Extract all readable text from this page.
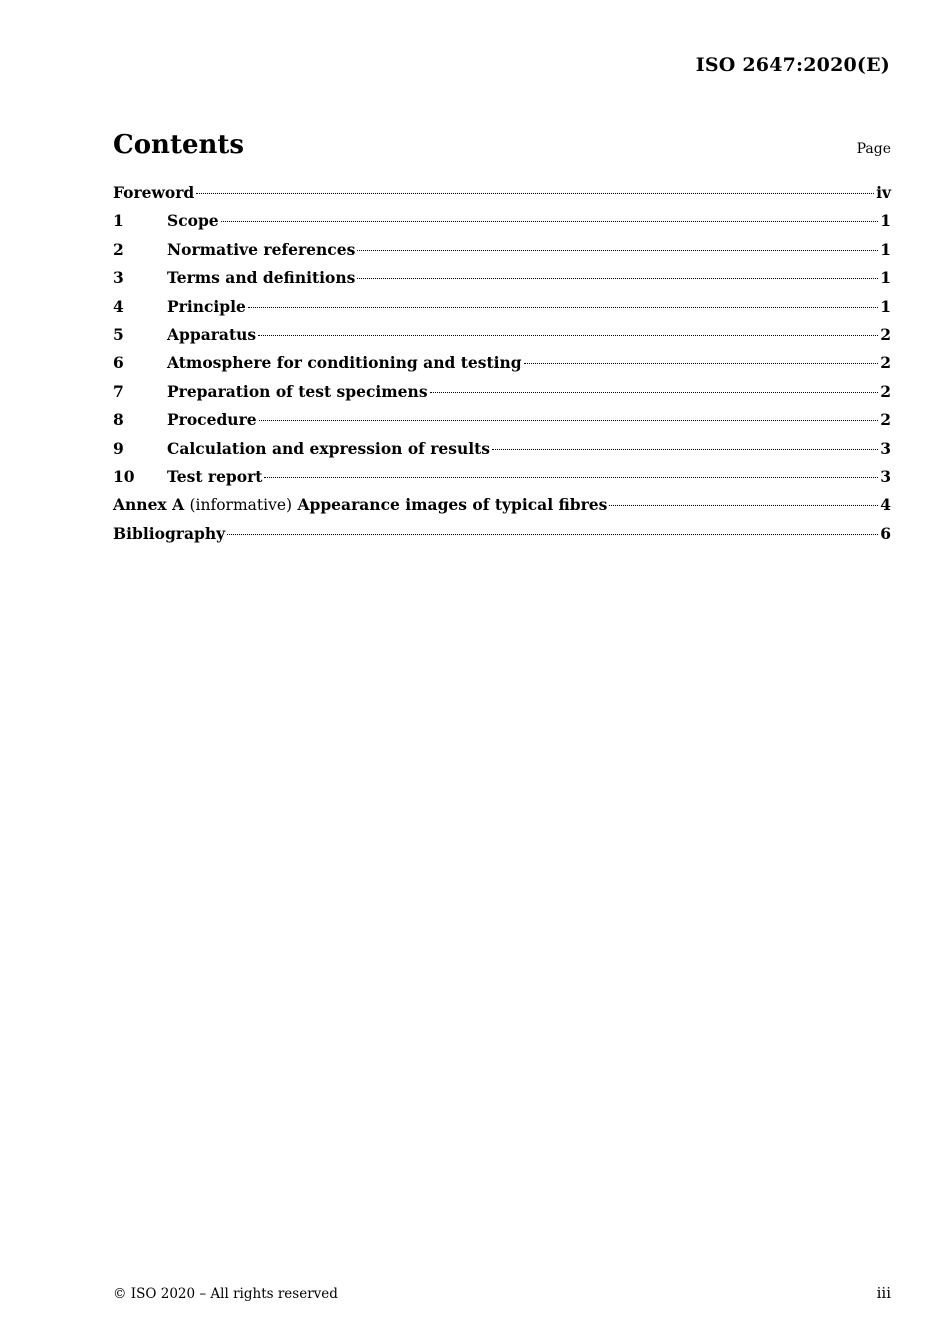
ISO 2647:2020(E)
Contents	Page
Foreword	iv
1	Scope	1
2	Normative references	1
3	Terms and definitions	1
4	Principle	1
5	Apparatus	2
6	Atmosphere for conditioning and testing	2
7	Preparation of test specimens	2
8	Procedure	2
9	Calculation and expression of results	3
10	Test report	3
Annex A (informative) Appearance images of typical fibres	4
Bibliography	6
© ISO 2020 – All rights reserved	iii
